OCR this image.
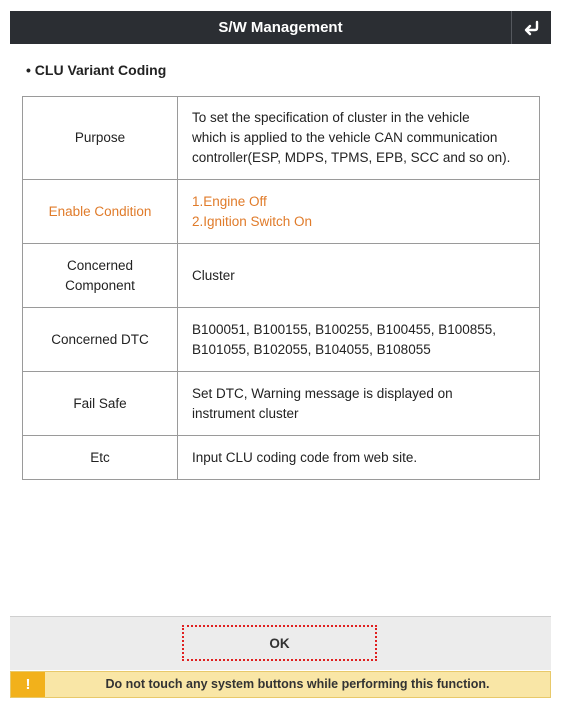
S/W Management
• CLU Variant Coding
Purpose	To set the specification of cluster in the vehicle
which is applied to the vehicle CAN communication
controller(ESP, MDPS, TPMS, EPB, SCC and so on).

Enable Condition	1.Engine Off
2.Ignition Switch On

Concerned
Component	Cluster

Concerned DTC	B100051, B100155, B100255, B100455, B100855,
B101055, B102055, B104055, B108055

Fail Safe	Set DTC, Warning message is displayed on
instrument cluster

Etc	Input CLU coding code from web site.
OK
!	Do not touch any system buttons while performing this function.
